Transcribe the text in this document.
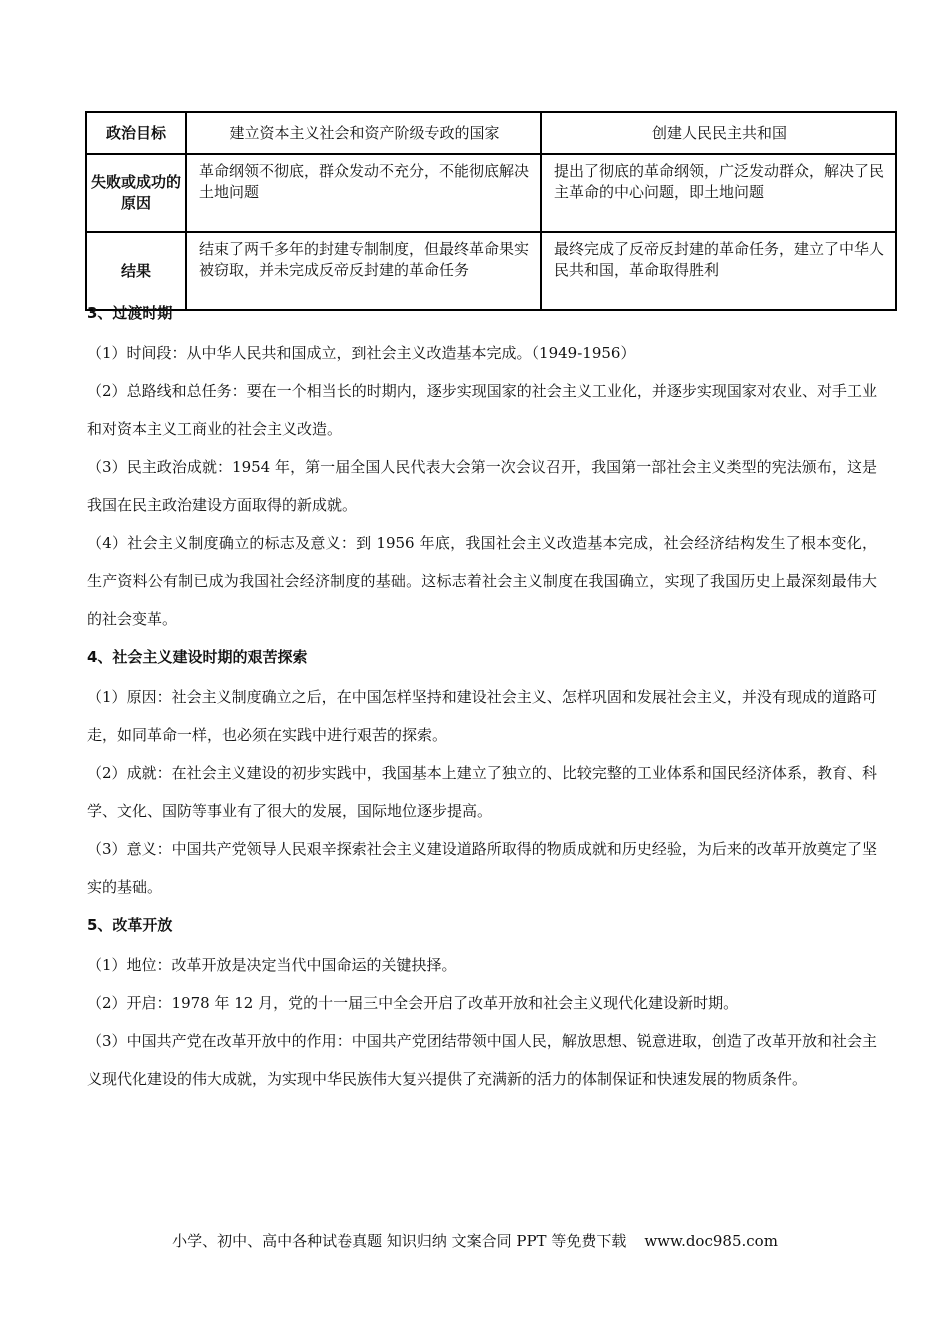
政治目标	建立资本主义社会和资产阶级专政的国家	创建人民民主共和国
失败或成功的原因	革命纲领不彻底，群众发动不充分，不能彻底解决土地问题	提出了彻底的革命纲领，广泛发动群众，解决了民主革命的中心问题，即土地问题
结果	结束了两千多年的封建专制制度，但最终革命果实被窃取，并未完成反帝反封建的革命任务	最终完成了反帝反封建的革命任务，建立了中华人民共和国，革命取得胜利
3、过渡时期

（1）时间段：从中华人民共和国成立，到社会主义改造基本完成。（1949-1956）

（2）总路线和总任务：要在一个相当长的时期内，逐步实现国家的社会主义工业化，并逐步实现国家对农业、对手工业和对资本主义工商业的社会主义改造。

（3）民主政治成就：1954 年，第一届全国人民代表大会第一次会议召开，我国第一部社会主义类型的宪法颁布，这是我国在民主政治建设方面取得的新成就。

（4）社会主义制度确立的标志及意义：到 1956 年底，我国社会主义改造基本完成，社会经济结构发生了根本变化，生产资料公有制已成为我国社会经济制度的基础。这标志着社会主义制度在我国确立，实现了我国历史上最深刻最伟大的社会变革。

4、社会主义建设时期的艰苦探索

（1）原因：社会主义制度确立之后，在中国怎样坚持和建设社会主义、怎样巩固和发展社会主义，并没有现成的道路可走，如同革命一样，也必须在实践中进行艰苦的探索。

（2）成就：在社会主义建设的初步实践中，我国基本上建立了独立的、比较完整的工业体系和国民经济体系，教育、科学、文化、国防等事业有了很大的发展，国际地位逐步提高。

（3）意义：中国共产党领导人民艰辛探索社会主义建设道路所取得的物质成就和历史经验，为后来的改革开放奠定了坚实的基础。

5、改革开放

（1）地位：改革开放是决定当代中国命运的关键抉择。

（2）开启：1978 年 12 月，党的十一届三中全会开启了改革开放和社会主义现代化建设新时期。

（3）中国共产党在改革开放中的作用：中国共产党团结带领中国人民，解放思想、锐意进取，创造了改革开放和社会主义现代化建设的伟大成就，为实现中华民族伟大复兴提供了充满新的活力的体制保证和快速发展的物质条件。

小学、初中、高中各种试卷真题 知识归纳 文案合同 PPT 等免费下载 www.doc985.com
